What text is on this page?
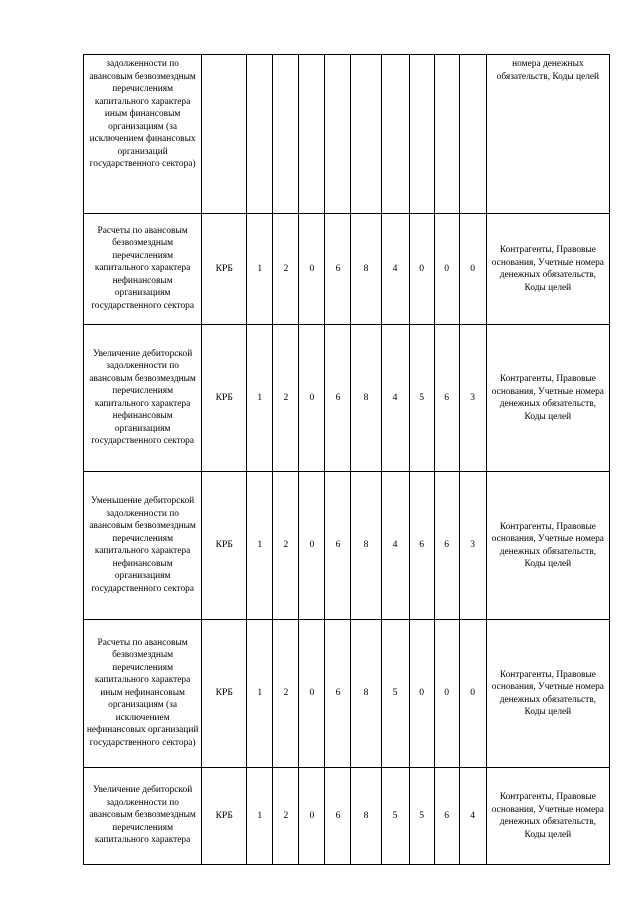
задолженности по авансовым безвозмездным перечислениям капитального характера иным финансовым организациям (за исключением финансовых организаций государственного сектора)											номера денежных обязательств, Коды целей
Расчеты по авансовым безвозмездным перечислениям капитального характера нефинансовым организациям государственного сектора	КРБ	1	2	0	6	8	4	0	0	0	Контрагенты, Правовые основания, Учетные номера денежных обязательств, Коды целей
Увеличение дебиторской задолженности по авансовым безвозмездным перечислениям капитального характера нефинансовым организациям государственного сектора	КРБ	1	2	0	6	8	4	5	6	3	Контрагенты, Правовые основания, Учетные номера денежных обязательств, Коды целей
Уменьшение дебиторской задолженности по авансовым безвозмездным перечислениям капитального характера нефинансовым организациям государственного сектора	КРБ	1	2	0	6	8	4	6	6	3	Контрагенты, Правовые основания, Учетные номера денежных обязательств, Коды целей
Расчеты по авансовым безвозмездным перечислениям капитального характера иным нефинансовым организациям (за исключением нефинансовых организаций государственного сектора)	КРБ	1	2	0	6	8	5	0	0	0	Контрагенты, Правовые основания, Учетные номера денежных обязательств, Коды целей
Увеличение дебиторской задолженности по авансовым безвозмездным перечислениям капитального характера	КРБ	1	2	0	6	8	5	5	6	4	Контрагенты, Правовые основания, Учетные номера денежных обязательств, Коды целей
